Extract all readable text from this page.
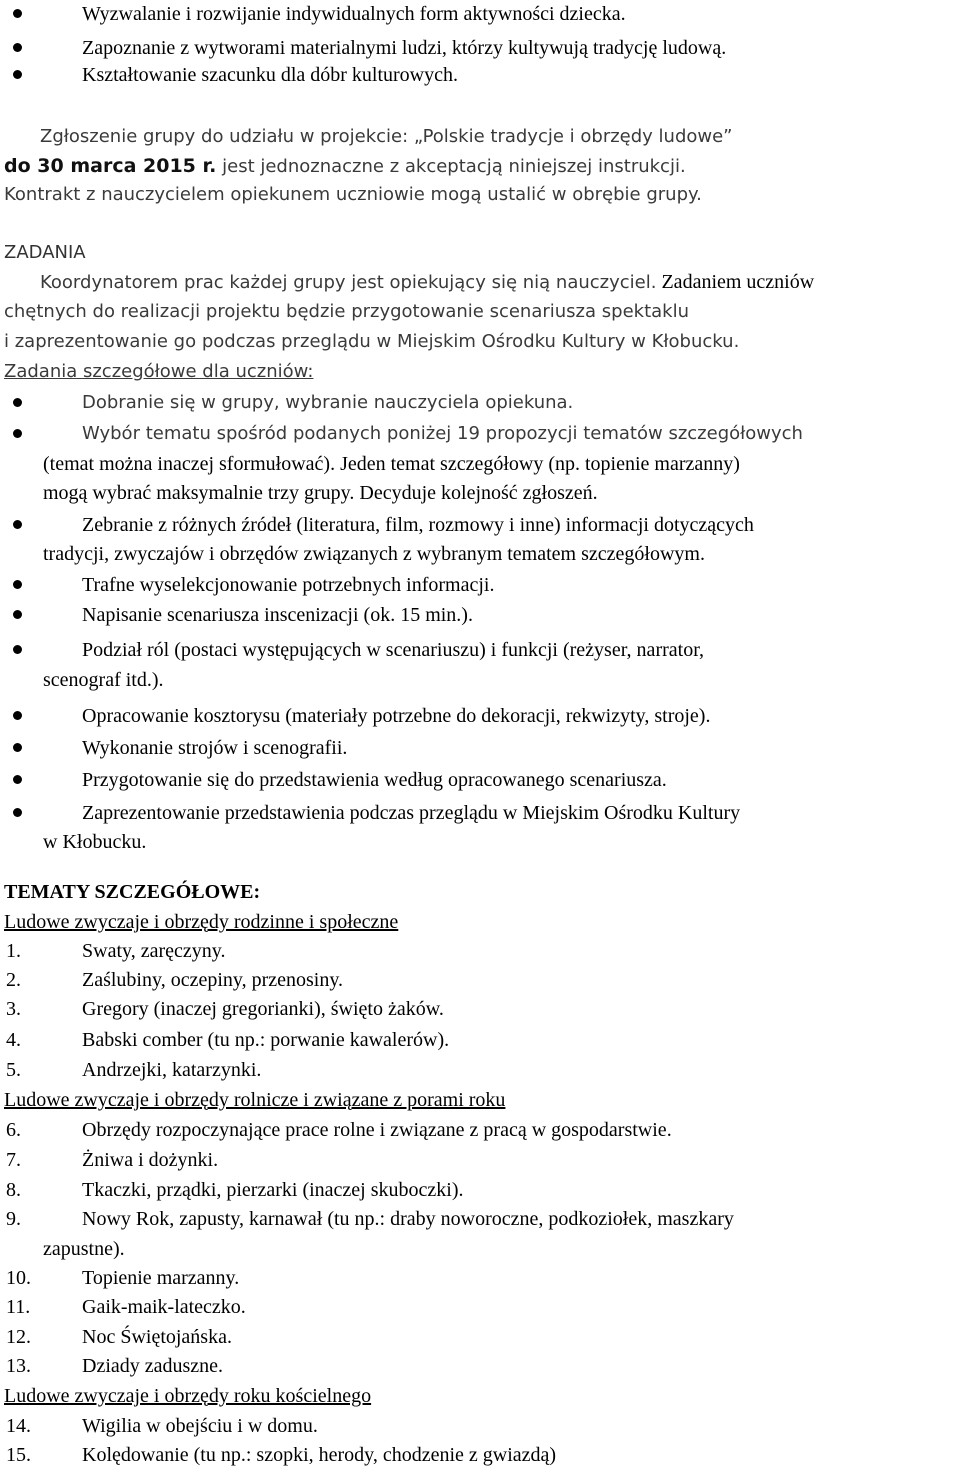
Wyzwalanie i rozwijanie indywidualnych form aktywności dziecka.
Zapoznanie z wytworami materialnymi ludzi, którzy kultywują tradycję ludową.
Kształtowanie szacunku dla dóbr kulturowych.
Zgłoszenie grupy do udziału w projekcie: „Polskie tradycje i obrzędy ludowe”
do 30 marca 2015 r. jest jednoznaczne z akceptacją niniejszej instrukcji.
Kontrakt z nauczycielem opiekunem uczniowie mogą ustalić w obrębie grupy.
ZADANIA
Koordynatorem prac każdej grupy jest opiekujący się nią nauczyciel. Zadaniem uczniów
chętnych do realizacji projektu będzie przygotowanie scenariusza spektaklu
i zaprezentowanie go podczas przeglądu w Miejskim Ośrodku Kultury w Kłobucku.
Zadania szczegółowe dla uczniów:
Dobranie się w grupy, wybranie nauczyciela opiekuna.
Wybór tematu spośród podanych poniżej 19 propozycji tematów szczegółowych
(temat można inaczej sformułować). Jeden temat szczegółowy (np. topienie marzanny)
mogą wybrać maksymalnie trzy grupy. Decyduje kolejność zgłoszeń.
Zebranie z różnych źródeł (literatura, film, rozmowy i inne) informacji dotyczących
tradycji, zwyczajów i obrzędów związanych z wybranym tematem szczegółowym.
Trafne wyselekcjonowanie potrzebnych informacji.
Napisanie scenariusza inscenizacji (ok. 15 min.).
Podział ról (postaci występujących w scenariuszu) i funkcji (reżyser, narrator,
scenograf itd.).
Opracowanie kosztorysu (materiały potrzebne do dekoracji, rekwizyty, stroje).
Wykonanie strojów i scenografii.
Przygotowanie się do przedstawienia według opracowanego scenariusza.
Zaprezentowanie przedstawienia podczas przeglądu w Miejskim Ośrodku Kultury
w Kłobucku.
TEMATY SZCZEGÓŁOWE:
Ludowe zwyczaje i obrzędy rodzinne i społeczne
1.	Swaty, zaręczyny.
2.	Zaślubiny, oczepiny, przenosiny.
3.	Gregory (inaczej gregorianki), święto żaków.
4.	Babski comber (tu np.: porwanie kawalerów).
5.	Andrzejki, katarzynki.
Ludowe zwyczaje i obrzędy rolnicze i związane z porami roku
6.	Obrzędy rozpoczynające prace rolne i związane z pracą w gospodarstwie.
7.	Żniwa i dożynki.
8.	Tkaczki, prządki, pierzarki (inaczej skuboczki).
9.	Nowy Rok, zapusty, karnawał (tu np.: draby noworoczne, podkoziołek, maszkary
zapustne).
10.	Topienie marzanny.
11.	Gaik-maik-lateczko.
12.	Noc Świętojańska.
13.	Dziady zaduszne.
Ludowe zwyczaje i obrzędy roku kościelnego
14.	Wigilia w obejściu i w domu.
15.	Kolędowanie (tu np.: szopki, herody, chodzenie z gwiazdą)
